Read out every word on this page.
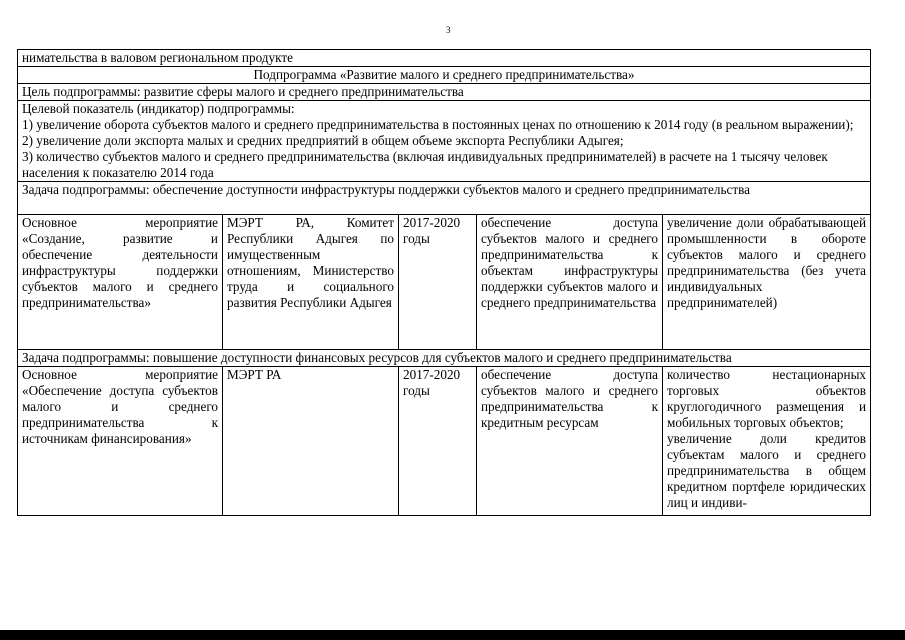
3
нимательства в валовом региональном продукте				
Подпрограмма «Развитие малого и среднего предпринимательства»				
Цель подпрограммы: развитие сферы малого и среднего предпринимательства				

Целевой показатель (индикатор) подпрограммы:

1) увеличение оборота субъектов малого и среднего предпринимательства в постоянных ценах по отношению к 2014 году (в реальном выражении);

2) увеличение доли экспорта малых и средних предприятий в общем объеме экспорта Республики Адыгея;

3) количество субъектов малого и среднего предпринимательства (включая индивидуальных предпринимателей) в расчете на 1 тысячу человек населения к показателю 2014 года				

Задача подпрограммы: обеспечение доступности инфраструктуры поддержки субъектов малого и среднего предпринимательства				
Основное мероприятие «Создание, развитие и обеспечение деятельности инфраструктуры поддержки субъектов малого и среднего предпринимательства»	МЭРТ РА, Комитет Республики Адыгея по имущественным отношениям, Министерство труда и социального развития Республики Адыгея	2017-2020 годы	обеспечение доступа субъектов малого и среднего предпринимательства к объектам инфраструктуры поддержки субъектов малого и среднего предпринимательства	увеличение доли обрабатывающей промышленности в обороте субъектов малого и среднего предпринимательства (без учета индивидуальных предпринимателей)
Задача подпрограммы: повышение доступности финансовых ресурсов для субъектов малого и среднего предпринимательства				
Основное мероприятие «Обеспечение доступа субъектов малого и среднего предпринимательства к источникам финансирования»	МЭРТ РА	2017-2020 годы	обеспечение доступа субъектов малого и среднего предпринимательства к кредитным ресурсам	количество нестационарных торговых объектов круглогодичного размещения и мобильных торговых объектов;

увеличение доли кредитов субъектам малого и среднего предпринимательства в общем кредитном портфеле юридических лиц и индиви-
